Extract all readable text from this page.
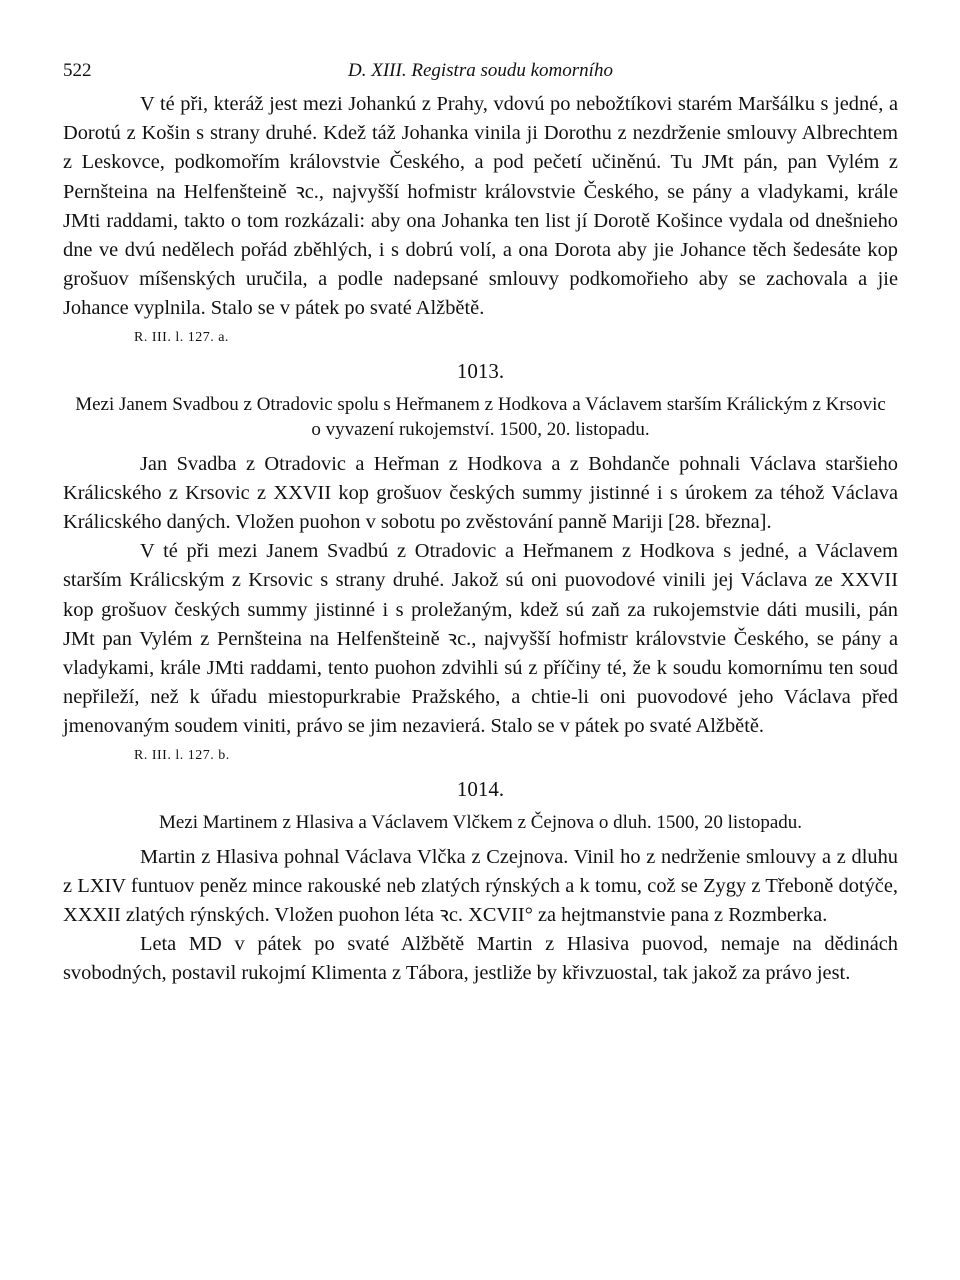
522	D. XIII. Registra soudu komorního

V té při, kteráž jest mezi Johankú z Prahy, vdovú po nebožtíkovi starém Maršálku s jedné, a Dorotú z Košin s strany druhé. Kdež táž Johanka vinila ji Dorothu z nezdrženie smlouvy Albrechtem z Leskovce, podkomořím královstvie Českého, a pod pečetí učiněnú. Tu JMt pán, pan Vylém z Pernšteina na Helfenšteině ꝛc., najvyšší hofmistr královstvie Českého, se pány a vladykami, krále JMti raddami, takto o tom rozkázali: aby ona Johanka ten list jí Dorotě Košince vydala od dnešnieho dne ve dvú nedělech pořád zběhlých, i s dobrú volí, a ona Dorota aby jie Johance těch šedesáte kop grošuov míšenských uručila, a podle nadepsané smlouvy podkomořieho aby se zachovala a jie Johance vyplnila. Stalo se v pátek po svaté Alžbětě.

R. III. l. 127. a.
1013.
Mezi Janem Svadbou z Otradovic spolu s Heřmanem z Hodkova a Václavem starším Králickým z Krsovic o vyvazení rukojemství. 1500, 20. listopadu.

Jan Svadba z Otradovic a Heřman z Hodkova a z Bohdanče pohnali Václava staršieho Králicského z Krsovic z XXVII kop grošuov českých summy jistinné i s úrokem za téhož Václava Králicského daných. Vložen puohon v sobotu po zvěstování panně Mariji [28. března].

V té při mezi Janem Svadbú z Otradovic a Heřmanem z Hodkova s jedné, a Václavem starším Králicským z Krsovic s strany druhé. Jakož sú oni puovodové vinili jej Václava ze XXVII kop grošuov českých summy jistinné i s proležaným, kdež sú zaň za rukojemstvie dáti musili, pán JMt pan Vylém z Pernšteina na Helfenšteině ꝛc., najvyšší hofmistr královstvie Českého, se pány a vladykami, krále JMti raddami, tento puohon zdvihli sú z příčiny té, že k soudu komornímu ten soud nepřileží, než k úřadu miestopurkrabie Pražského, a chtie-li oni puovodové jeho Václava před jmenovaným soudem viniti, právo se jim nezavierá. Stalo se v pátek po svaté Alžbětě.

R. III. l. 127. b.
1014.
Mezi Martinem z Hlasiva a Václavem Vlčkem z Čejnova o dluh. 1500, 20 listopadu.

Martin z Hlasiva pohnal Václava Vlčka z Czejnova. Vinil ho z nedrženie smlouvy a z dluhu z LXIV funtuov peněz mince rakouské neb zlatých rýnských a k tomu, což se Zygy z Třeboně dotýče, XXXII zlatých rýnských. Vložen puohon léta ꝛc. XCVII° za hejtmanstvie pana z Rozmberka.

Leta MD v pátek po svaté Alžbětě Martin z Hlasiva puovod, nemaje na dědinách svobodných, postavil rukojmí Klimenta z Tábora, jestliže by křivzuostal, tak jakož za právo jest.
